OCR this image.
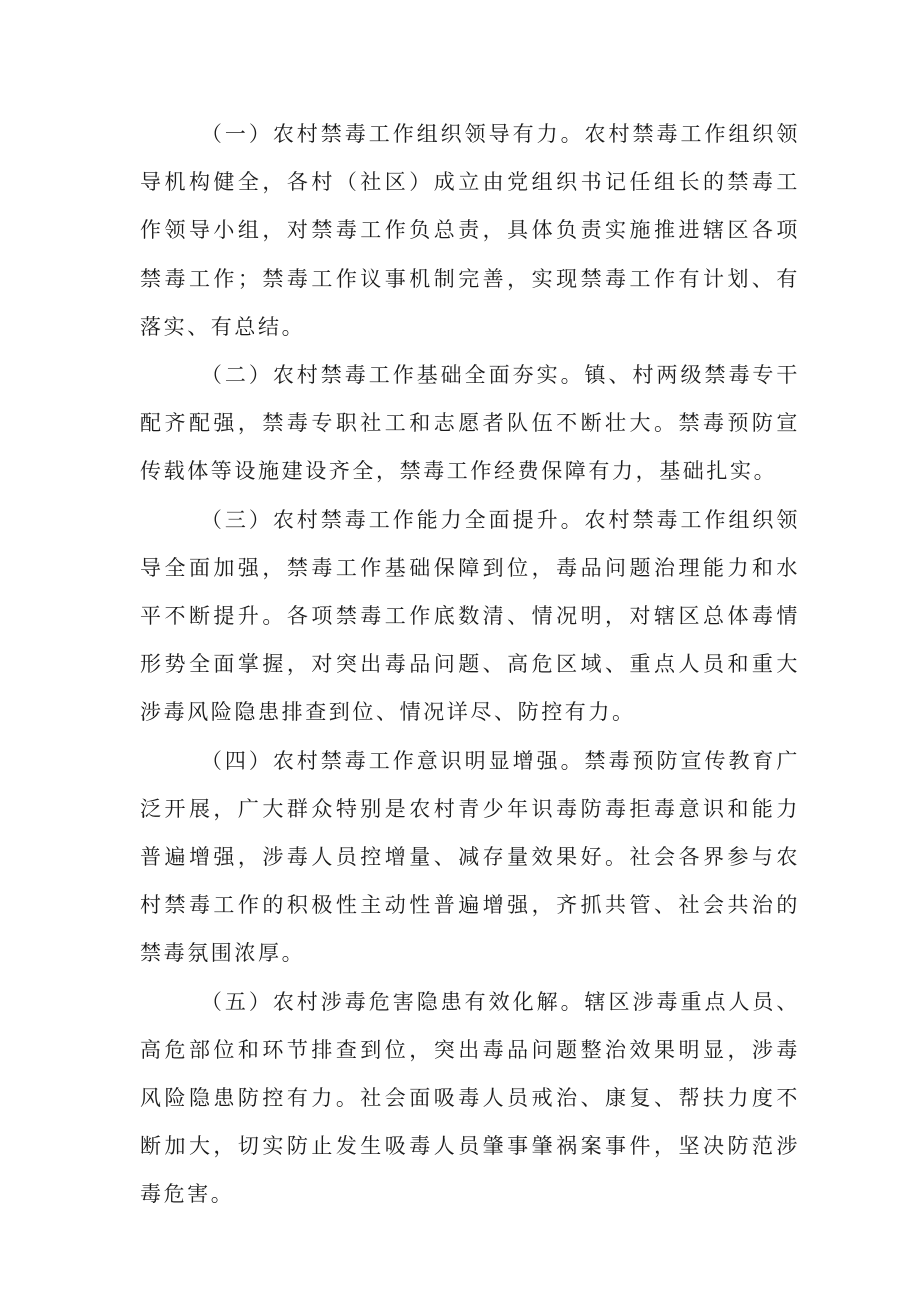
（一）农村禁毒工作组织领导有力。农村禁毒工作组织领导机构健全，各村（社区）成立由党组织书记任组长的禁毒工作领导小组，对禁毒工作负总责，具体负责实施推进辖区各项禁毒工作；禁毒工作议事机制完善，实现禁毒工作有计划、有落实、有总结。

（二）农村禁毒工作基础全面夯实。镇、村两级禁毒专干配齐配强，禁毒专职社工和志愿者队伍不断壮大。禁毒预防宣传载体等设施建设齐全，禁毒工作经费保障有力，基础扎实。

（三）农村禁毒工作能力全面提升。农村禁毒工作组织领导全面加强，禁毒工作基础保障到位，毒品问题治理能力和水平不断提升。各项禁毒工作底数清、情况明，对辖区总体毒情形势全面掌握，对突出毒品问题、高危区域、重点人员和重大涉毒风险隐患排查到位、情况详尽、防控有力。

（四）农村禁毒工作意识明显增强。禁毒预防宣传教育广泛开展，广大群众特别是农村青少年识毒防毒拒毒意识和能力普遍增强，涉毒人员控增量、减存量效果好。社会各界参与农村禁毒工作的积极性主动性普遍增强，齐抓共管、社会共治的禁毒氛围浓厚。

（五）农村涉毒危害隐患有效化解。辖区涉毒重点人员、高危部位和环节排查到位，突出毒品问题整治效果明显，涉毒风险隐患防控有力。社会面吸毒人员戒治、康复、帮扶力度不断加大，切实防止发生吸毒人员肇事肇祸案事件，坚决防范涉毒危害。
